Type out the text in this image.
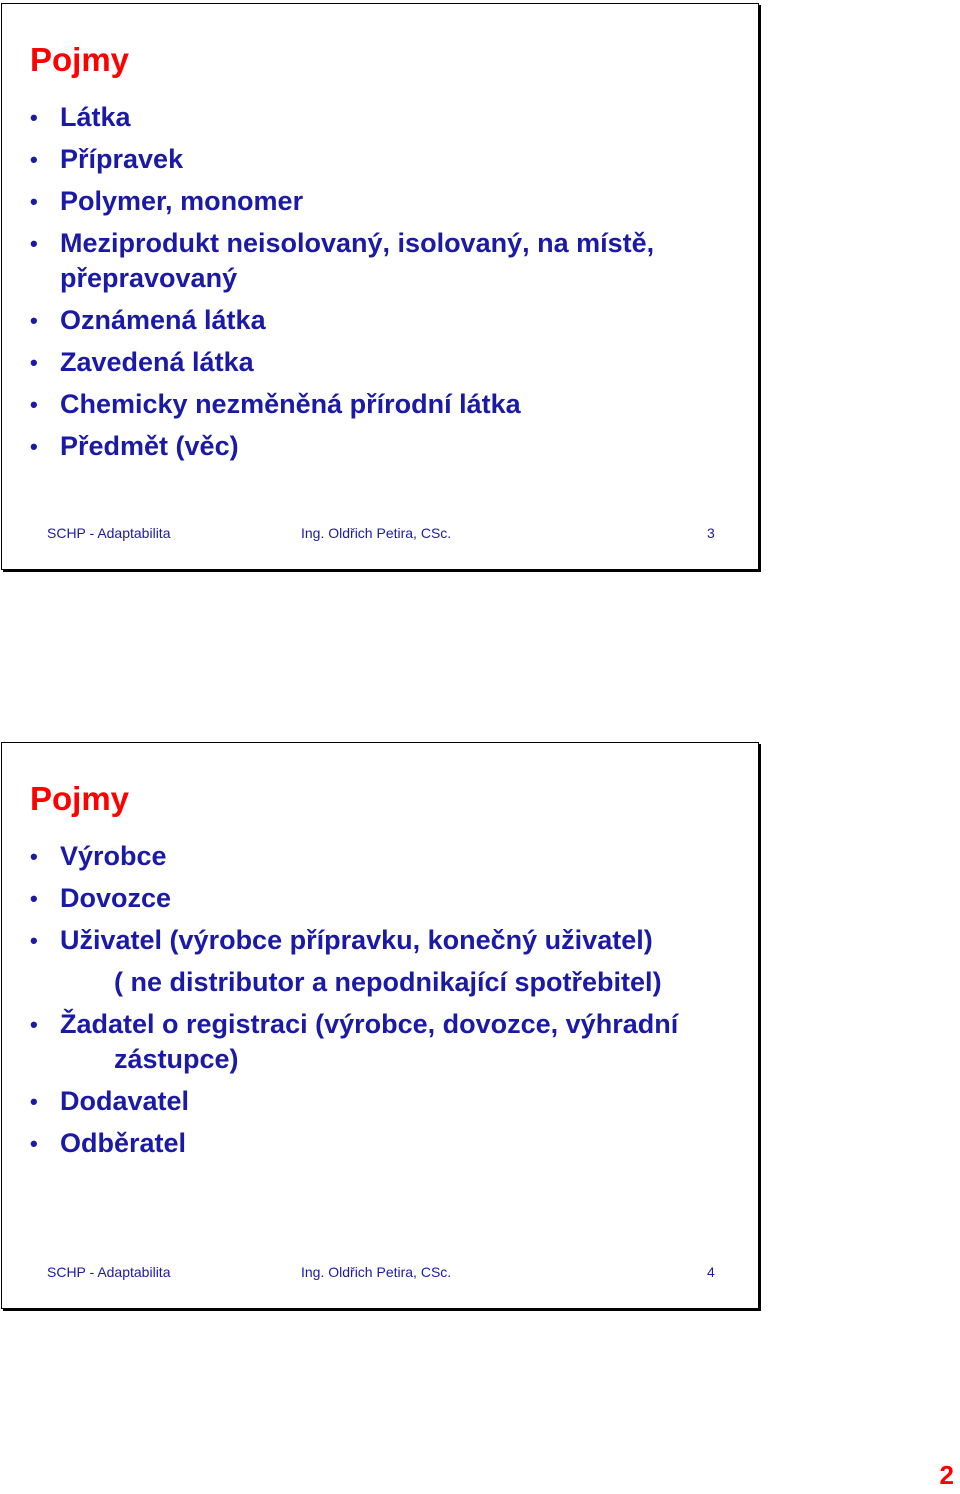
Pojmy
• Látka
• Přípravek
• Polymer, monomer
• Meziprodukt neisolovaný, isolovaný, na místě, přepravovaný
• Oznámená látka
• Zavedená látka
• Chemicky nezměněná přírodní látka
• Předmět (věc)
SCHP - Adaptabilita	Ing. Oldřich Petira, CSc.	3
Pojmy
• Výrobce
• Dovozce
• Uživatel (výrobce přípravku, konečný uživatel)
( ne distributor a nepodnikající spotřebitel)
• Žadatel o registraci (výrobce, dovozce, výhradní zástupce)
• Dodavatel
• Odběratel
SCHP - Adaptabilita	Ing. Oldřich Petira, CSc.	4
2
